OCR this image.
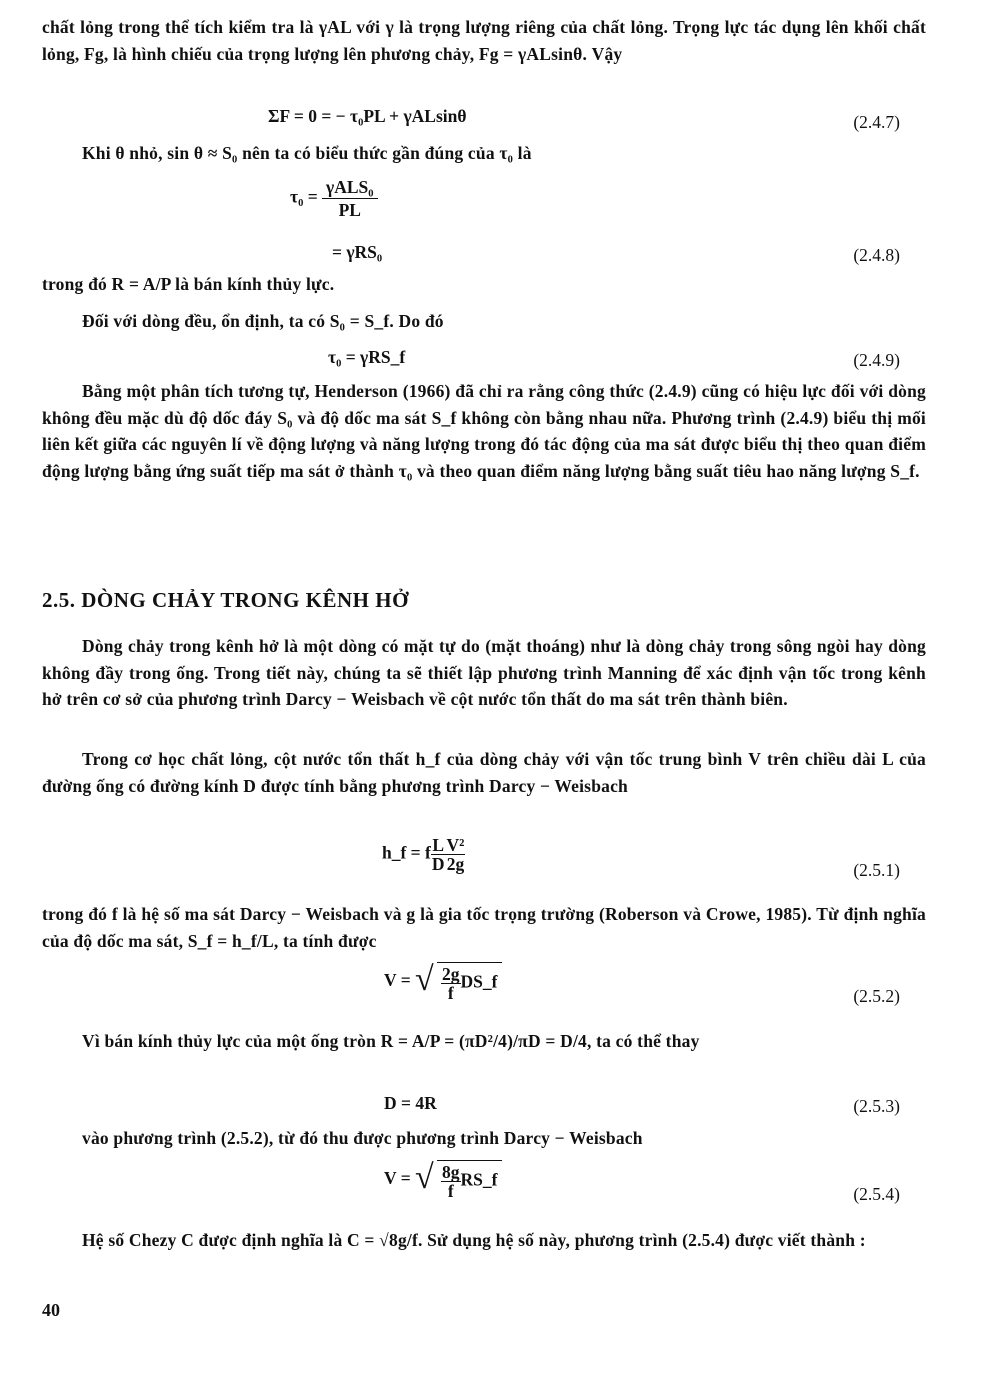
chất lỏng trong thể tích kiểm tra là γAL với γ là trọng lượng riêng của chất lỏng. Trọng lực tác dụng lên khối chất lỏng, Fg, là hình chiếu của trọng lượng lên phương chảy, Fg = γALsinθ. Vậy

ΣF = 0 = − τ₀PL + γALsinθ	(2.4.7)

Khi θ nhỏ, sin θ ≈ S₀ nên ta có biểu thức gần đúng của τ₀ là

$\tau_0 = \frac{\text{γALS₀}}{PL}$
= γRS₀	(2.4.8)

trong đó R = A/P là bán kính thủy lực.

Đối với dòng đều, ổn định, ta có S₀ = S_f. Do đó

τ₀ = γRS_f	(2.4.9)

Bằng một phân tích tương tự, Henderson (1966) đã chỉ ra rằng công thức (2.4.9) cũng có hiệu lực đối với dòng không đều mặc dù độ dốc đáy S₀ và độ dốc ma sát S_f không còn bằng nhau nữa. Phương trình (2.4.9) biểu thị mối liên kết giữa các nguyên lí về động lượng và năng lượng trong đó tác động của ma sát được biểu thị theo quan điểm động lượng bằng ứng suất tiếp ma sát ở thành τ₀ và theo quan điểm năng lượng bằng suất tiêu hao năng lượng S_f.

2.5. DÒNG CHẢY TRONG KÊNH HỞ

Dòng chảy trong kênh hở là một dòng có mặt tự do (mặt thoáng) như là dòng chảy trong sông ngòi hay dòng không đầy trong ống. Trong tiết này, chúng ta sẽ thiết lập phương trình Manning để xác định vận tốc trong kênh hở trên cơ sở của phương trình Darcy − Weisbach về cột nước tổn thất do ma sát trên thành biên.

Trong cơ học chất lỏng, cột nước tổn thất h_f của dòng chảy với vận tốc trung bình V trên chiều dài L của đường ống có đường kính D được tính bằng phương trình Darcy − Weisbach

h_f = f $\frac{L}{D} \frac{\text{V²}}{2g}$	(2.5.1)

trong đó f là hệ số ma sát Darcy − Weisbach và g là gia tốc trọng trường (Roberson và Crowe, 1985). Từ định nghĩa của độ dốc ma sát, S_f = h_f/L, ta tính được

V = √ $\frac{2g}{f}$ DS_f
(2.5.2)

Vì bán kính thủy lực của một ống tròn R = A/P = (πD²/4)/πD = D/4, ta có thể thay

D = 4R	(2.5.3)

vào phương trình (2.5.2), từ đó thu được phương trình Darcy − Weisbach

V = √ $\frac{8g}{f}$ RS_f
(2.5.4)

Hệ số Chezy C được định nghĩa là C = √8g/f. Sử dụng hệ số này, phương trình (2.5.4) được viết thành :

40
